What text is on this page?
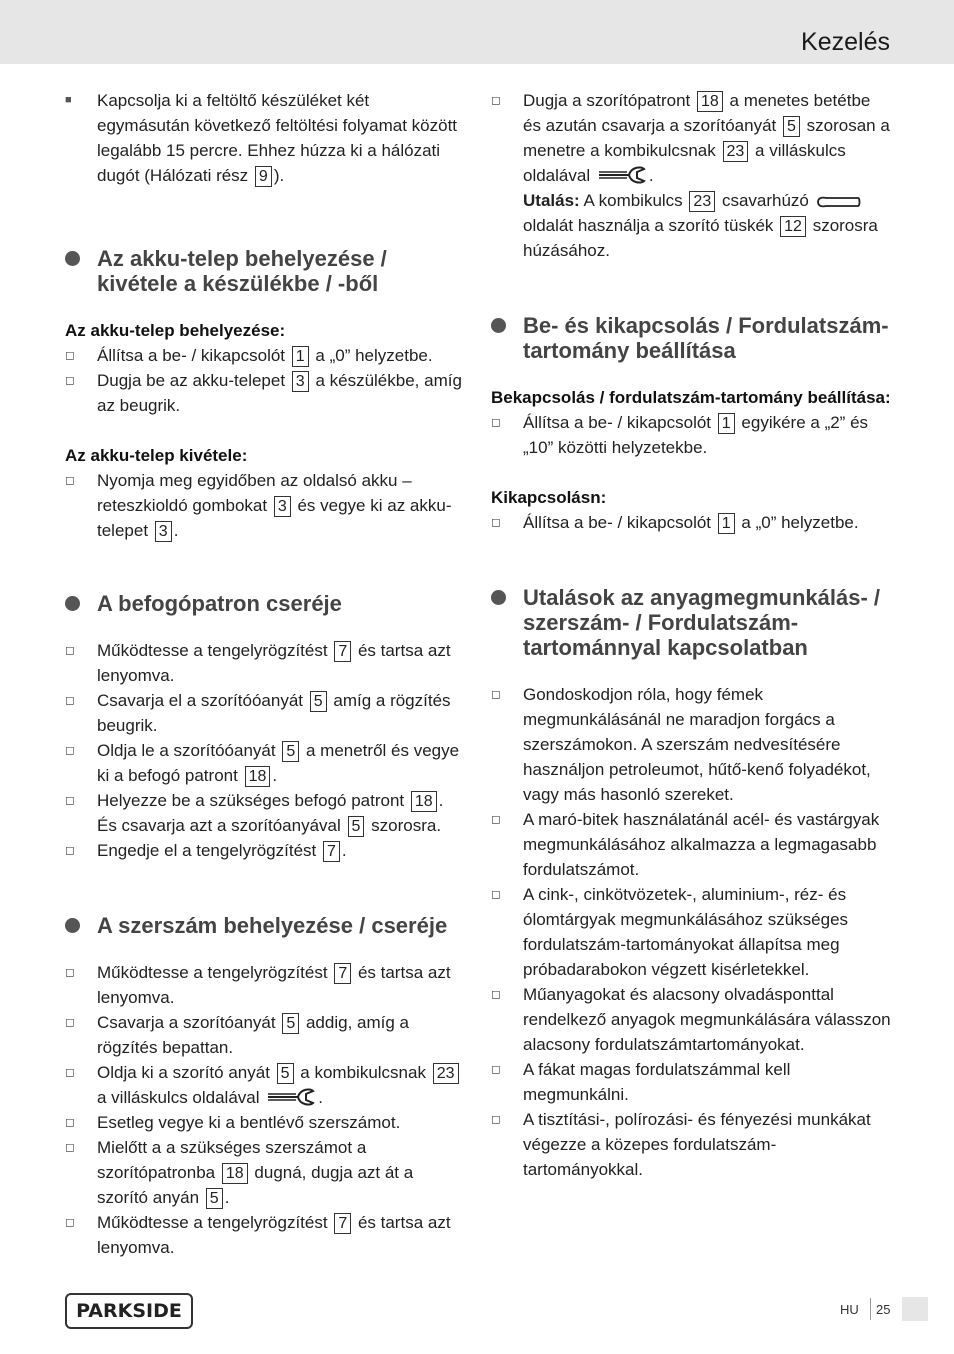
Kezelés
■	Kapcsolja ki a feltöltő készüléket két egymásután következő feltöltési folyamat között legalább 15 percre. Ehhez húzza ki a hálózati dugót (Hálózati rész 9 ).
Az akku-telep behelyezése / kivétele a készülékbe / -ből
Az akku-telep behelyezése:
◻	Állítsa a be- / kikapcsolót 1 a „0” helyzetbe.
◻	Dugja be az akku-telepet 3 a készülékbe, amíg az beugrik.
Az akku-telep kivétele:
◻	Nyomja meg egyidőben az oldalsó akku – reteszkioldó gombokat 3 és vegye ki az akku-telepet 3 .
A befogópatron cseréje
◻	Működtesse a tengelyrögzítést 7 és tartsa azt lenyomva.
◻	Csavarja el a szorítóóanyát 5 amíg a rögzítés beugrik.
◻	Oldja le a szorítóóanyát 5 a menetről és vegye ki a befogó patront 18 .
◻	Helyezze be a szükséges befogó patront 18 . És csavarja azt a szorítóanyával 5 szorosra.
◻	Engedje el a tengelyrögzítést 7 .
A szerszám behelyezése / cseréje
◻	Működtesse a tengelyrögzítést 7 és tartsa azt lenyomva.
◻	Csavarja a szorítóanyát 5 addig, amíg a rögzítés bepattan.
◻	Oldja ki a szorító anyát 5 a kombikulcsnak 23 a villáskulcs oldalával	.
◻	Esetleg vegye ki a bentlévő szerszámot.
◻	Mielőtt a a szükséges szerszámot a szorítópatronba 18 dugná, dugja azt át a szorító anyán 5 .
◻	Működtesse a tengelyrögzítést 7 és tartsa azt lenyomva.
◻	Dugja a szorítópatront 18 a menetes betétbe és azután csavarja a szorítóanyát 5 szorosan a menetre a kombikulcsnak 23 a villáskulcs oldalával	.
Utalás: A kombikulcs 23 csavarhúzó  oldalát használja a szorító tüskék 12 szorosra húzásához.
Be- és kikapcsolás / Fordulatszám-tartomány beállítása
Bekapcsolás / fordulatszám-tartomány beállítása:
◻	Állítsa a be- / kikapcsolót 1 egyikére a „2” és „10” közötti helyzetekbe.
Kikapcsolásn:
◻	Állítsa a be- / kikapcsolót 1 a „0” helyzetbe.
Utalások az anyagmegmunkálás- / szerszám- / Fordulatszám-tartománnyal kapcsolatban
◻	Gondoskodjon róla, hogy fémek megmunkálásánál ne maradjon forgács a szerszámokon. A szerszám nedvesítésére használjon petroleumot, hűtő-kenő folyadékot, vagy más hasonló szereket.
◻	A maró-bitek használatánál acél- és vastárgyak megmunkálásához alkalmazza a legmagasabb fordulatszámot.
◻	A cink-, cinkötvözetek-, aluminium-, réz- és ólomtárgyak megmunkálásához szükséges fordulatszám-tartományokat állapítsa meg próbadarabokon végzett kisérletekkel.
◻	Műanyagokat és alacsony olvadásponttal rendelkező anyagok megmunkálására válasszon alacsony fordulatszámtartományokat.
◻	A fákat magas fordulatszámmal kell megmunkálni.
◻	A tisztítási-, polírozási- és fényezési munkákat végezze a közepes fordulatszám-tartományokkal.
PARKSIDE	HU 25
